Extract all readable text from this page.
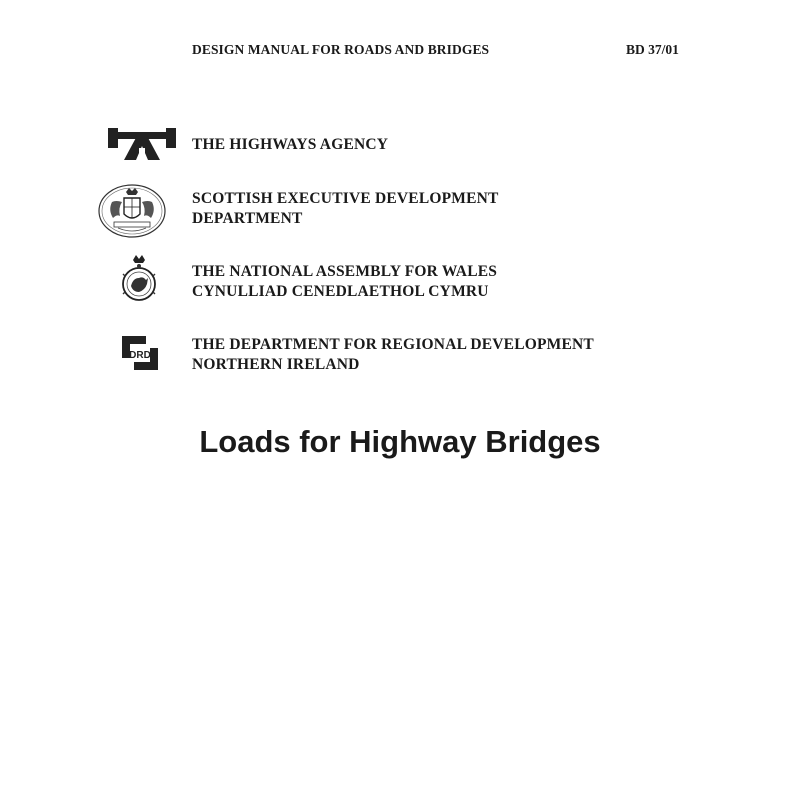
DESIGN MANUAL FOR ROADS AND BRIDGES	BD 37/01
THE HIGHWAYS AGENCY
SCOTTISH EXECUTIVE DEVELOPMENT
DEPARTMENT
THE NATIONAL ASSEMBLY FOR WALES
CYNULLIAD CENEDLAETHOL CYMRU
DRD
THE DEPARTMENT FOR REGIONAL DEVELOPMENT
NORTHERN IRELAND
Loads for Highway Bridges
